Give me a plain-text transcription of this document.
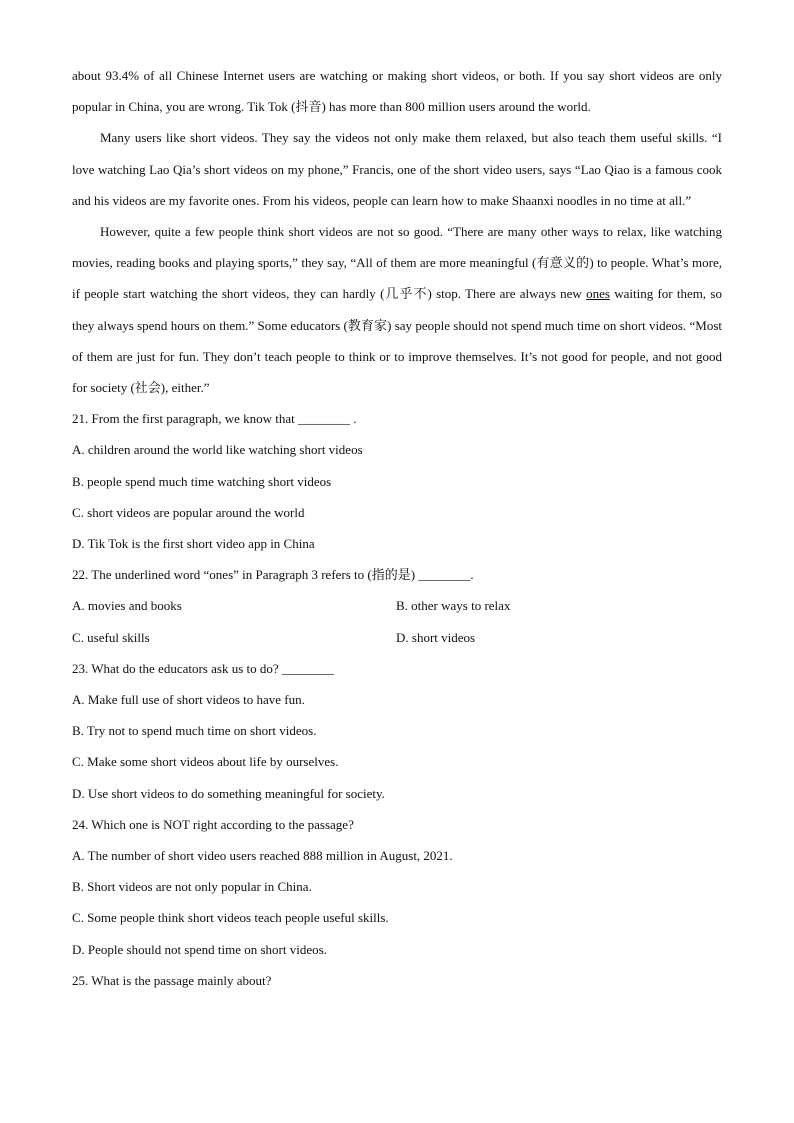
about 93.4% of all Chinese Internet users are watching or making short videos, or both. If you say short videos are only popular in China, you are wrong. Tik Tok (抖音) has more than 800 million users around the world.

Many users like short videos. They say the videos not only make them relaxed, but also teach them useful skills. “I love watching Lao Qia’s short videos on my phone,” Francis, one of the short video users, says “Lao Qiao is a famous cook and his videos are my favorite ones. From his videos, people can learn how to make Shaanxi noodles in no time at all.”

However, quite a few people think short videos are not so good. “There are many other ways to relax, like watching movies, reading books and playing sports,” they say, “All of them are more meaningful (有意义的) to people. What’s more, if people start watching the short videos, they can hardly (几乎不) stop. There are always new ones waiting for them, so they always spend hours on them.” Some educators (教育家) say people should not spend much time on short videos. “Most of them are just for fun. They don’t teach people to think or to improve themselves. It’s not good for people, and not good for society (社会), either.”

21. From the first paragraph, we know that ________ .

A. children around the world like watching short videos

B. people spend much time watching short videos

C. short videos are popular around the world

D. Tik Tok is the first short video app in China

22. The underlined word “ones” in Paragraph 3 refers to (指的是) ________.

A. movies and books	B. other ways to relax
C. useful skills	D. short videos

23. What do the educators ask us to do? ________

A. Make full use of short videos to have fun.

B. Try not to spend much time on short videos.

C. Make some short videos about life by ourselves.

D. Use short videos to do something meaningful for society.

24. Which one is NOT right according to the passage?

A. The number of short video users reached 888 million in August, 2021.

B. Short videos are not only popular in China.

C. Some people think short videos teach people useful skills.

D. People should not spend time on short videos.

25. What is the passage mainly about?
